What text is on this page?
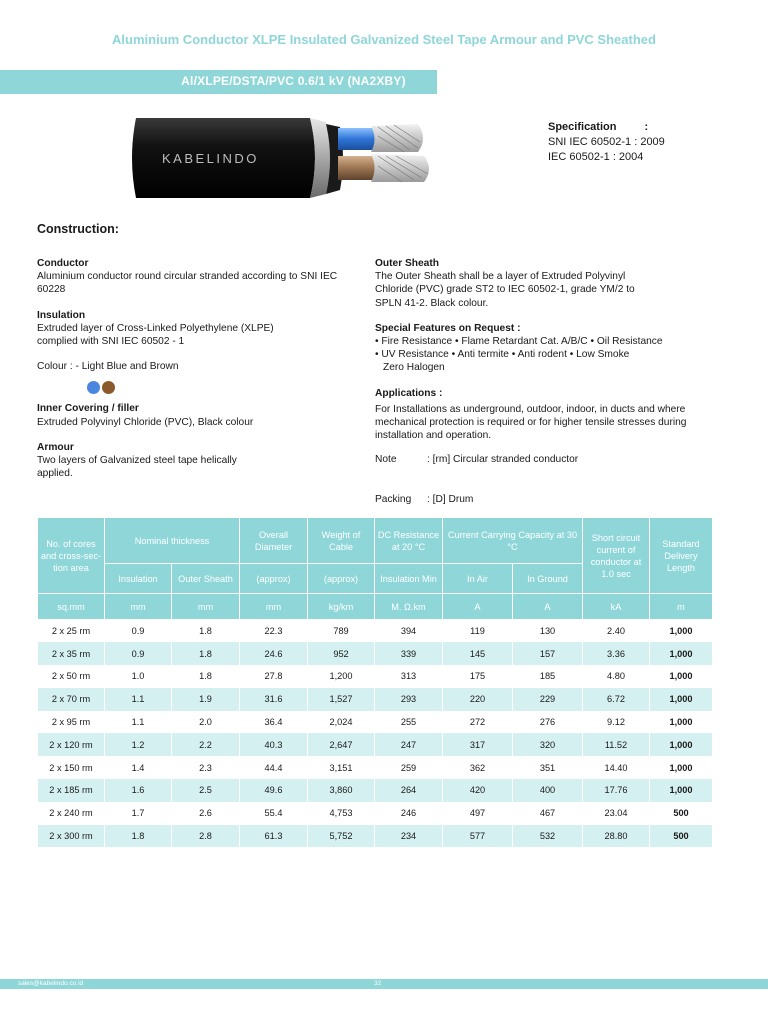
Aluminium Conductor XLPE Insulated Galvanized Steel Tape Armour and PVC Sheathed
Al/XLPE/DSTA/PVC 0.6/1 kV (NA2XBY)
KABELINDO
Specification	:
SNI IEC 60502-1 : 2009
IEC 60502-1 : 2004
Construction:
Conductor
Aluminium conductor round circular stranded according to SNI IEC 60228
Insulation
Extruded layer of Cross-Linked Polyethylene (XLPE)
complied with SNI IEC 60502 - 1
Colour : - Light Blue and Brown
Inner Covering / filler
Extruded Polyvinyl Chloride (PVC), Black colour
Armour
Two layers of Galvanized steel tape helically
applied.
Outer Sheath
The Outer Sheath shall be a layer of Extruded Polyvinyl
Chloride (PVC) grade ST2 to IEC 60502-1, grade YM/2 to
SPLN 41-2. Black colour.
Special Features on Request :
• Fire Resistance • Flame Retardant Cat. A/B/C • Oil Resistance
• UV Resistance • Anti termite • Anti rodent • Low Smoke
Zero Halogen
Applications :
For Installations as underground, outdoor, indoor, in ducts and where mechanical protection is required or for higher tensile stresses during installation and operation.
Note	: [rm] Circular stranded conductor
Packing	: [D] Drum
No. of cores and cross-sec-tion area	Nominal thickness		Overall Diameter	Weight of Cable	DC Resistance at 20 °C	Current Carrying Capacity at 30 °C		Short circuit current of conductor at 1.0 sec	Standard Delivery Length
	Insulation	Outer Sheath	(approx)	(approx)	Insulation Min	In Air	In Ground		
sq.mm	mm	mm	mm	kg/km	M. Ω.km	A	A	kA	m
2 x 25 rm	0.9	1.8	22.3	789	394	119	130	2.40	1,000
2 x 35 rm	0.9	1.8	24.6	952	339	145	157	3.36	1,000
2 x 50 rm	1.0	1.8	27.8	1,200	313	175	185	4.80	1,000
2 x 70 rm	1.1	1.9	31.6	1,527	293	220	229	6.72	1,000
2 x 95 rm	1.1	2.0	36.4	2,024	255	272	276	9.12	1,000
2 x 120 rm	1.2	2.2	40.3	2,647	247	317	320	11.52	1,000
2 x 150 rm	1.4	2.3	44.4	3,151	259	362	351	14.40	1,000
2 x 185 rm	1.6	2.5	49.6	3,860	264	420	400	17.76	1,000
2 x 240 rm	1.7	2.6	55.4	4,753	246	497	467	23.04	500
2 x 300 rm	1.8	2.8	61.3	5,752	234	577	532	28.80	500
sales@kabelindo.co.id	32
